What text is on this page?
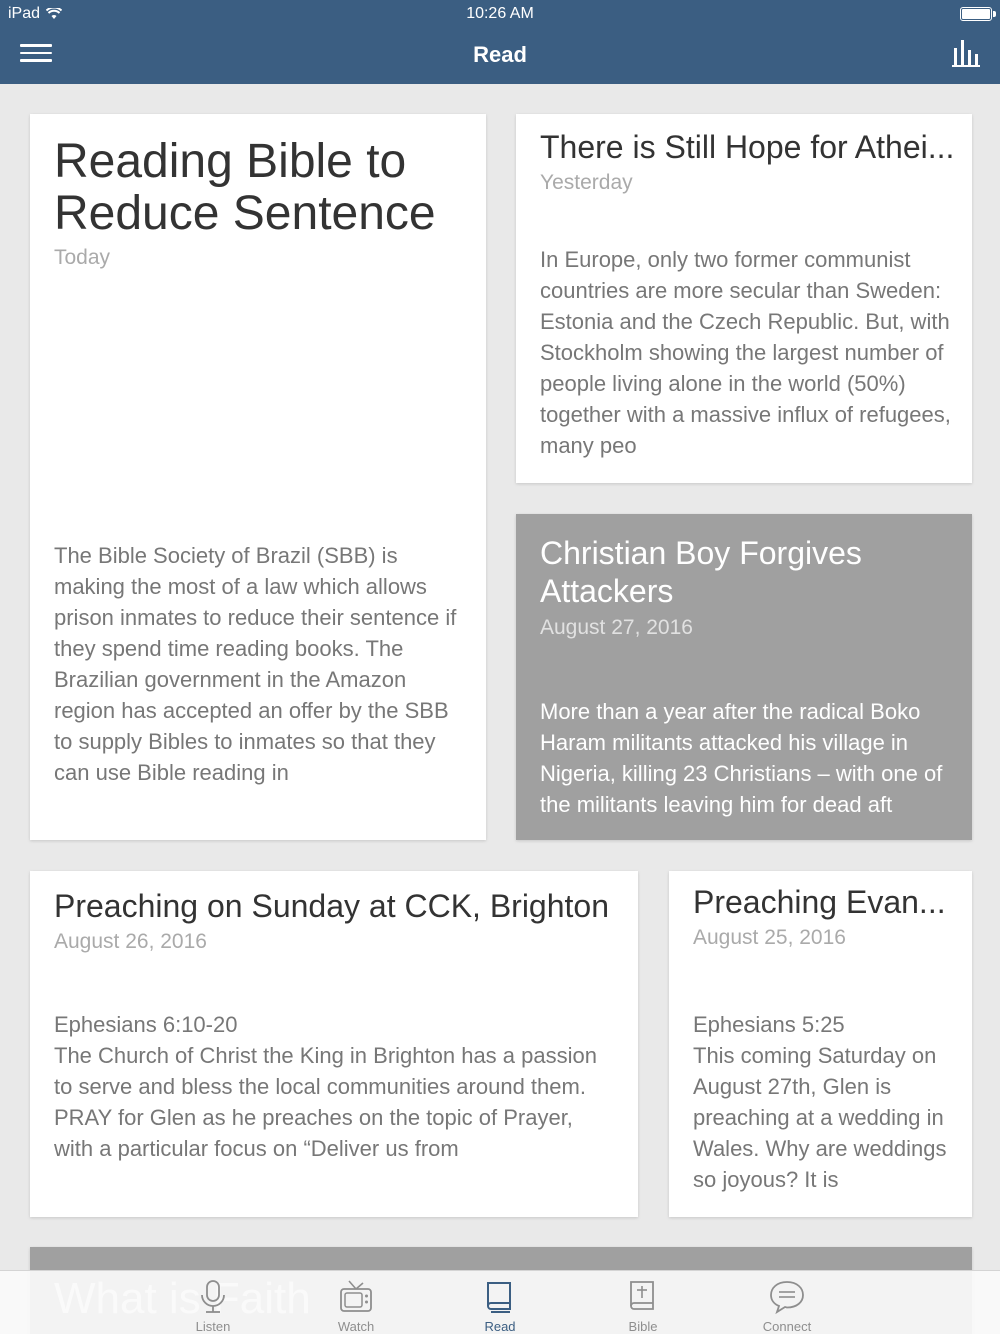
iPad	10:26 AM
Read
Reading Bible to Reduce Sentence
Today
The Bible Society of Brazil (SBB) is making the most of a law which allows prison inmates to reduce their sentence if they spend time reading books. The Brazilian government in the Amazon region has accepted an offer by the SBB to supply Bibles to inmates so that they can use Bible reading in
There is Still Hope for Athei...
Yesterday
In Europe, only two former communist countries are more secular than Sweden: Estonia and the Czech Republic. But, with Stockholm showing the largest number of people living alone in the world (50%) together with a massive influx of refugees, many peo
Christian Boy Forgives Attackers
August 27, 2016
More than a year after the radical Boko Haram militants attacked his village in Nigeria, killing 23 Christians – with one of the militants leaving him for dead aft
Preaching on Sunday at CCK, Brighton
August 26, 2016
Ephesians 6:10-20
The Church of Christ the King in Brighton has a passion to serve and bless the local communities around them.
PRAY for Glen as he preaches on the topic of Prayer, with a particular focus on “Deliver us from
Preaching Evan...
August 25, 2016
Ephesians 5:25
This coming Saturday on August 27th, Glen is preaching at a wedding in Wales. Why are weddings so joyous? It is
Listen	Watch	Read	Bible	Connect
